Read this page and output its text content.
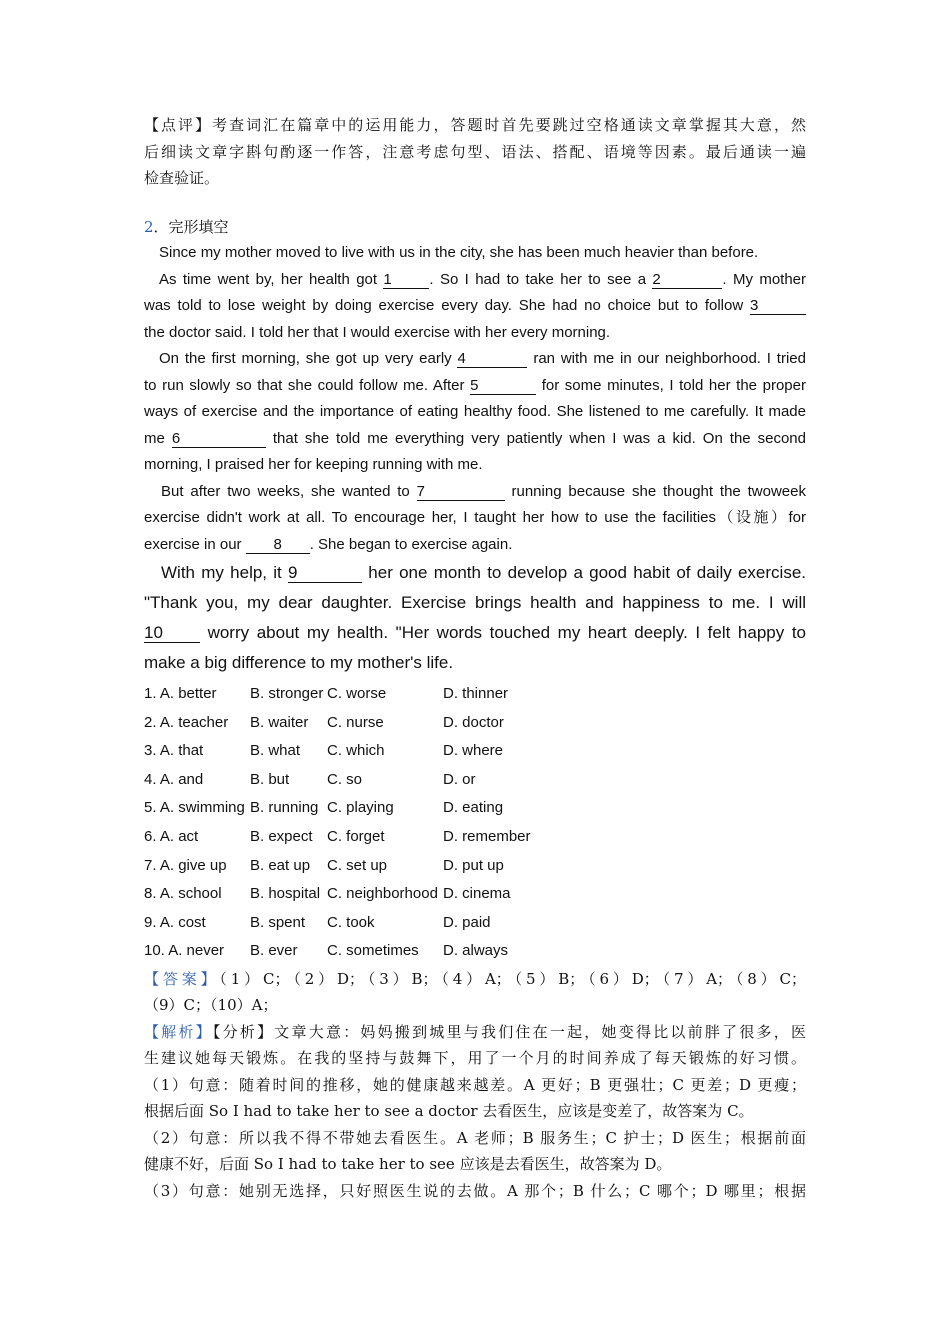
【点评】考查词汇在篇章中的运用能力，答题时首先要跳过空格通读文章掌握其大意，然
后细读文章字斟句酌逐一作答，注意考虑句型、语法、搭配、语境等因素。最后通读一遍
检查验证。
2．完形填空
Since my mother moved to live with us in the city, she has been much heavier than before.
As time went by, her health got 1	. So I had to take her to see a 2	. My mother
was told to lose weight by doing exercise every day. She had no choice but to follow 3
the doctor said. I told her that I would exercise with her every morning.
On the first morning, she got up very early 4	ran with me in our neighborhood. I tried
to run slowly so that she could follow me. After 5	for some minutes, I told her the proper
ways of exercise and the importance of eating healthy food. She listened to me carefully. It made
me 6	that she told me everything very patiently when I was a kid. On the second
morning, I praised her for keeping running with me.
But after two weeks, she wanted to 7	running because she thought the twoweek
exercise didn't work at all. To encourage her, I taught her how to use the facilities（设施）for
exercise in our 8 . She began to exercise again.
With my help, it 9	her one month to develop a good habit of daily exercise.
"Thank you, my dear daughter. Exercise brings health and happiness to me. I will
10 worry about my health. "Her words touched my heart deeply. I felt happy to
make a big difference to my mother's life.
1. A. better	B. stronger C. worse	D. thinner
2. A. teacher	B. waiter	C. nurse	D. doctor
3. A. that	B. what	C. which	D. where
4. A. and	B. but	C. so	D. or
5. A. swimming B. running C. playing	D. eating
6. A. act	B. expect C. forget	D. remember
7. A. give up	B. eat up	C. set up	D. put up
8. A. school	B. hospital C. neighborhood D. cinema
9. A. cost	B. spent	C. took	D. paid
10. A. never	B. ever	C. sometimes	D. always
【答案】（1）C；（2）D；（3）B；（4）A；（5）B；（6）D；（7）A；（8）C；
（9）C；（10）A；
【解析】【分析】文章大意：妈妈搬到城里与我们住在一起，她变得比以前胖了很多，医
生建议她每天锻炼。在我的坚持与鼓舞下，用了一个月的时间养成了每天锻炼的好习惯。
（1）句意：随着时间的推移，她的健康越来越差。A 更好；B 更强壮；C 更差；D 更瘦；
根据后面 So I had to take her to see a doctor 去看医生，应该是变差了，故答案为 C。
（2）句意：所以我不得不带她去看医生。A 老师；B 服务生；C 护士；D 医生；根据前面
健康不好，后面 So I had to take her to see 应该是去看医生，故答案为 D。
（3）句意：她别无选择，只好照医生说的去做。A 那个；B 什么；C 哪个；D 哪里；根据
